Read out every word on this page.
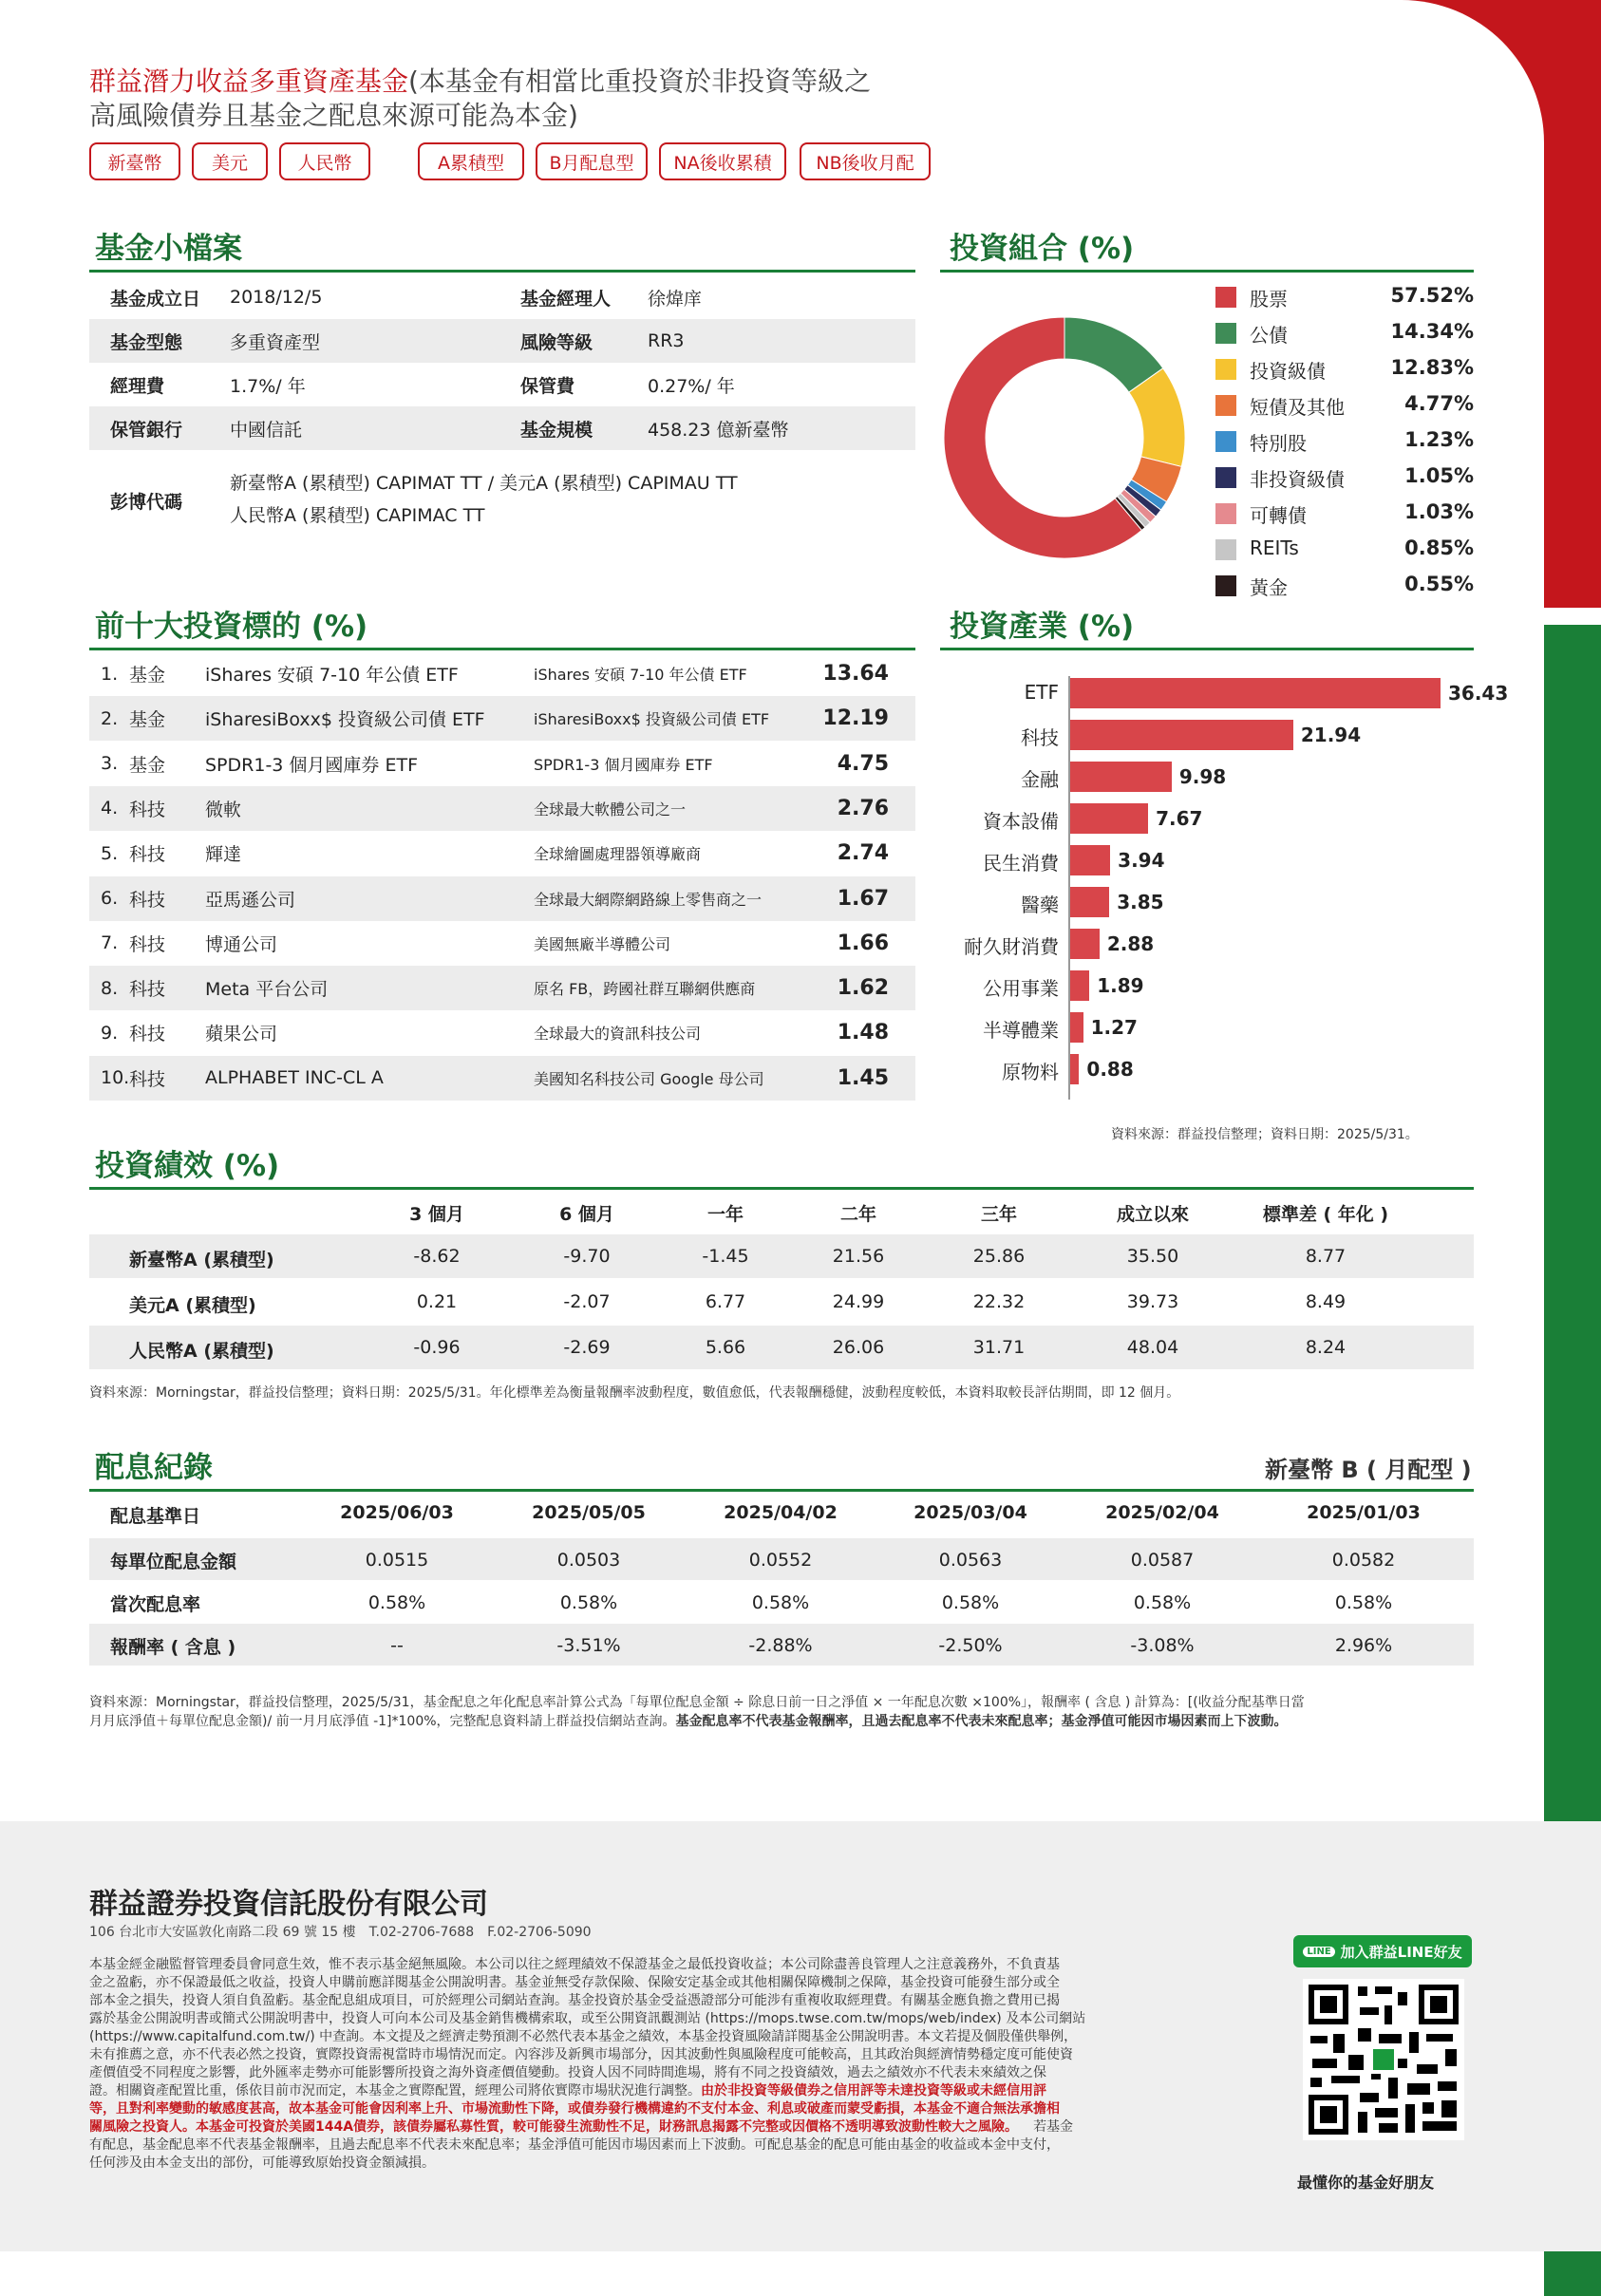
群益潛力收益多重資產基金(本基金有相當比重投資於非投資等級之
高風險債券且基金之配息來源可能為本金)
新臺幣	美元	人民幣	A累積型	B月配息型	NA後收累積	NB後收月配
基金小檔案
基金成立日 2018/12/5	基金經理人 徐煒庠
基金型態	多重資產型	風險等級	RR3
經理費	1.7%/ 年	保管費	0.27%/ 年
保管銀行	中國信託	基金規模	458.23 億新臺幣
彭博代碼
新臺幣A (累積型) CAPIMAT TT / 美元A (累積型) CAPIMAU TT
人民幣A (累積型) CAPIMAC TT
投資組合 (%)
股票	57.52%
公債	14.34%
投資級債	12.83%
短債及其他	4.77%
特別股	1.23%
非投資級債	1.05%
可轉債	1.03%
REITs	0.85%
黃金	0.55%
前十大投資標的 (%)
1. 基金 iShares 安碩 7-10 年公債 ETF	iShares 安碩 7-10 年公債 ETF	13.64
2. 基金 iSharesiBoxx$ 投資級公司債 ETF	iSharesiBoxx$ 投資級公司債 ETF	12.19
3. 基金 SPDR1-3 個月國庫券 ETF	SPDR1-3 個月國庫券 ETF	4.75
4. 科技 微軟	全球最大軟體公司之一	2.76
5. 科技 輝達	全球繪圖處理器領導廠商	2.74
6. 科技 亞馬遜公司	全球最大網際網路線上零售商之一	1.67
7. 科技 博通公司	美國無廠半導體公司	1.66
8. 科技 Meta 平台公司	原名 FB，跨國社群互聯網供應商	1.62
9. 科技 蘋果公司	全球最大的資訊科技公司	1.48
10. 科技 ALPHABET INC-CL A	美國知名科技公司 Google 母公司	1.45
投資產業 (%)
ETF	36.43
科技	21.94
金融	9.98
資本設備	7.67
民生消費	3.94
醫藥	3.85
耐久財消費	2.88
公用事業 1.89
半導體業 1.27
原物料 0.88
資料來源：群益投信整理；資料日期：2025/5/31。
投資績效 (%)
3 個月	6 個月	一年	二年	三年	成立以來	標準差 ( 年化 )
新臺幣A (累積型)	-8.62	-9.70	-1.45	21.56	25.86	35.50	8.77
美元A (累積型)	0.21	-2.07	6.77	24.99	22.32	39.73	8.49
人民幣A (累積型)	-0.96	-2.69	5.66	26.06	31.71	48.04	8.24
資料來源：Morningstar，群益投信整理；資料日期：2025/5/31。年化標準差為衡量報酬率波動程度，數值愈低，代表報酬穩健，波動程度較低，本資料取較長評估期間，即 12 個月。
配息紀錄	新臺幣 B ( 月配型 )
配息基準日	2025/06/03	2025/05/05	2025/04/02	2025/03/04	2025/02/04	2025/01/03
每單位配息金額	0.0515	0.0503	0.0552	0.0563	0.0587	0.0582
當次配息率	0.58%	0.58%	0.58%	0.58%	0.58%	0.58%
報酬率 ( 含息 )	--	-3.51%	-2.88%	-2.50%	-3.08%	2.96%
資料來源：Morningstar，群益投信整理，2025/5/31，基金配息之年化配息率計算公式為「每單位配息金額 ÷ 除息日前一日之淨值 × 一年配息次數 ×100%」，報酬率 ( 含息 ) 計算為：[(收益分配基準日當
月月底淨值＋每單位配息金額)/ 前一月月底淨值 -1]*100%，完整配息資料請上群益投信網站查詢。基金配息率不代表基金報酬率，且過去配息率不代表未來配息率；基金淨值可能因市場因素而上下波動。
群益證券投資信託股份有限公司
106 台北市大安區敦化南路二段 69 號 15 樓　T.02-2706-7688　F.02-2706-5090
本基金經金融監督管理委員會同意生效，惟不表示基金絕無風險。本公司以往之經理績效不保證基金之最低投資收益；本公司除盡善良管理人之注意義務外，不負責基
金之盈虧，亦不保證最低之收益，投資人申購前應詳閱基金公開說明書。基金並無受存款保險、保險安定基金或其他相關保障機制之保障，基金投資可能發生部分或全
部本金之損失，投資人須自負盈虧。基金配息組成項目，可於經理公司網站查詢。基金投資於基金受益憑證部分可能涉有重複收取經理費。有關基金應負擔之費用已揭
露於基金公開說明書或簡式公開說明書中，投資人可向本公司及基金銷售機構索取，或至公開資訊觀測站 (https://mops.twse.com.tw/mops/web/index) 及本公司網站
(https://www.capitalfund.com.tw/) 中查詢。本文提及之經濟走勢預測不必然代表本基金之績效，本基金投資風險請詳閱基金公開說明書。本文若提及個股僅供舉例，
未有推薦之意，亦不代表必然之投資，實際投資需視當時市場情況而定。內容涉及新興市場部分，因其波動性與風險程度可能較高，且其政治與經濟情勢穩定度可能使資
產價值受不同程度之影響，此外匯率走勢亦可能影響所投資之海外資產價值變動。投資人因不同時間進場，將有不同之投資績效，過去之績效亦不代表未來績效之保
證。相關資產配置比重，係依目前市況而定，本基金之實際配置，經理公司將依實際市場狀況進行調整。由於非投資等級債券之信用評等未達投資等級或未經信用評
等，且對利率變動的敏感度甚高，故本基金可能會因利率上升、市場流動性下降，或債券發行機構違約不支付本金、利息或破產而蒙受虧損，本基金不適合無法承擔相
關風險之投資人。本基金可投資於美國144A債券，該債券屬私募性質，較可能發生流動性不足，財務訊息揭露不完整或因價格不透明導致波動性較大之風險。 若基金
有配息，基金配息率不代表基金報酬率，且過去配息率不代表未來配息率；基金淨值可能因市場因素而上下波動。可配息基金的配息可能由基金的收益或本金中支付，
任何涉及由本金支出的部份，可能導致原始投資金額減損。
LINE 加入群益LINE好友
最懂你的基金好朋友
